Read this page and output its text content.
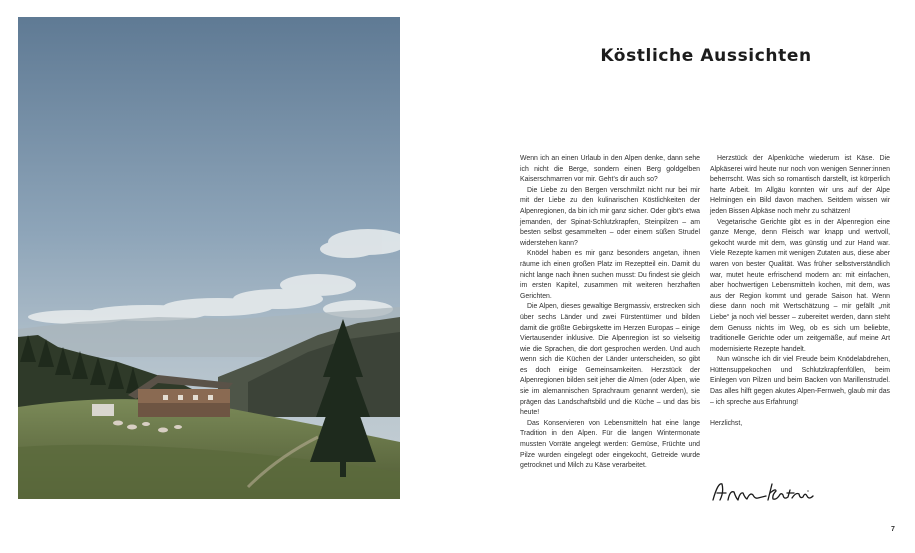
Köstliche Aussichten

Wenn ich an einen Urlaub in den Alpen denke, dann sehe ich nicht die Berge, sondern einen Berg goldgelben Kaiserschmarren vor mir. Geht’s dir auch so?

Die Liebe zu den Bergen verschmilzt nicht nur bei mir mit der Liebe zu den kulinarischen Köstlichkeiten der Alpenregionen, da bin ich mir ganz sicher. Oder gibt’s etwa jemanden, der Spinat-Schlutzkrapfen, Steinpilzen – am besten selbst gesammelten – oder einem süßen Strudel widerstehen kann?

Knödel haben es mir ganz besonders angetan, ihnen räume ich einen großen Platz im Rezeptteil ein. Damit du nicht lange nach ihnen suchen musst: Du findest sie gleich im ersten Kapitel, zusammen mit weiteren herzhaften Gerichten.

Die Alpen, dieses gewaltige Bergmassiv, erstrecken sich über sechs Länder und zwei Fürstentümer und bilden damit die größte Gebirgskette im Herzen Europas – einige Viertausender inklusive. Die Alpenregion ist so vielseitig wie die Sprachen, die dort gesprochen werden. Und auch wenn sich die Küchen der Länder unterscheiden, so gibt es doch einige Gemeinsamkeiten. Herzstück der Alpenregionen bilden seit jeher die Almen (oder Alpen, wie sie im alemannischen Sprachraum genannt werden), sie prägen das Landschaftsbild und die Küche – und das bis heute!

Das Konservieren von Lebensmitteln hat eine lange Tradition in den Alpen. Für die langen Wintermonate mussten Vorräte angelegt werden: Gemüse, Früchte und Pilze wurden eingelegt oder eingekocht, Getreide wurde getrocknet und Milch zu Käse verarbeitet.

Herzstück der Alpenküche wiederum ist Käse. Die Alpkäserei wird heute nur noch von wenigen Senner:innen beherrscht. Was sich so romantisch darstellt, ist körperlich harte Arbeit. Im Allgäu konnten wir uns auf der Alpe Helmingen ein Bild davon machen. Seitdem wissen wir jeden Bissen Alpkäse noch mehr zu schätzen!

Vegetarische Gerichte gibt es in der Alpenregion eine ganze Menge, denn Fleisch war knapp und wertvoll, gekocht wurde mit dem, was günstig und zur Hand war. Viele Rezepte kamen mit wenigen Zutaten aus, diese aber waren von bester Qualität. Was früher selbstverständlich war, mutet heute erfrischend modern an: mit einfachen, aber hochwertigen Lebensmitteln kochen, mit dem, was aus der Region kommt und gerade Saison hat. Wenn diese dann noch mit Wertschätzung – mir gefällt „mit Liebe“ ja noch viel besser – zubereitet werden, dann steht dem Genuss nichts im Weg, ob es sich um beliebte, traditionelle Gerichte oder um zeitgemäße, auf meine Art modernisierte Rezepte handelt.

Nun wünsche ich dir viel Freude beim Knödelabdrehen, Hüttensuppekochen und Schlutzkrapfenfüllen, beim Einlegen von Pilzen und beim Backen von Marillenstrudel. Das alles hilft gegen akutes Alpen-Fernweh, glaub mir das – ich spreche aus Erfahrung!

Herzlichst,

7
